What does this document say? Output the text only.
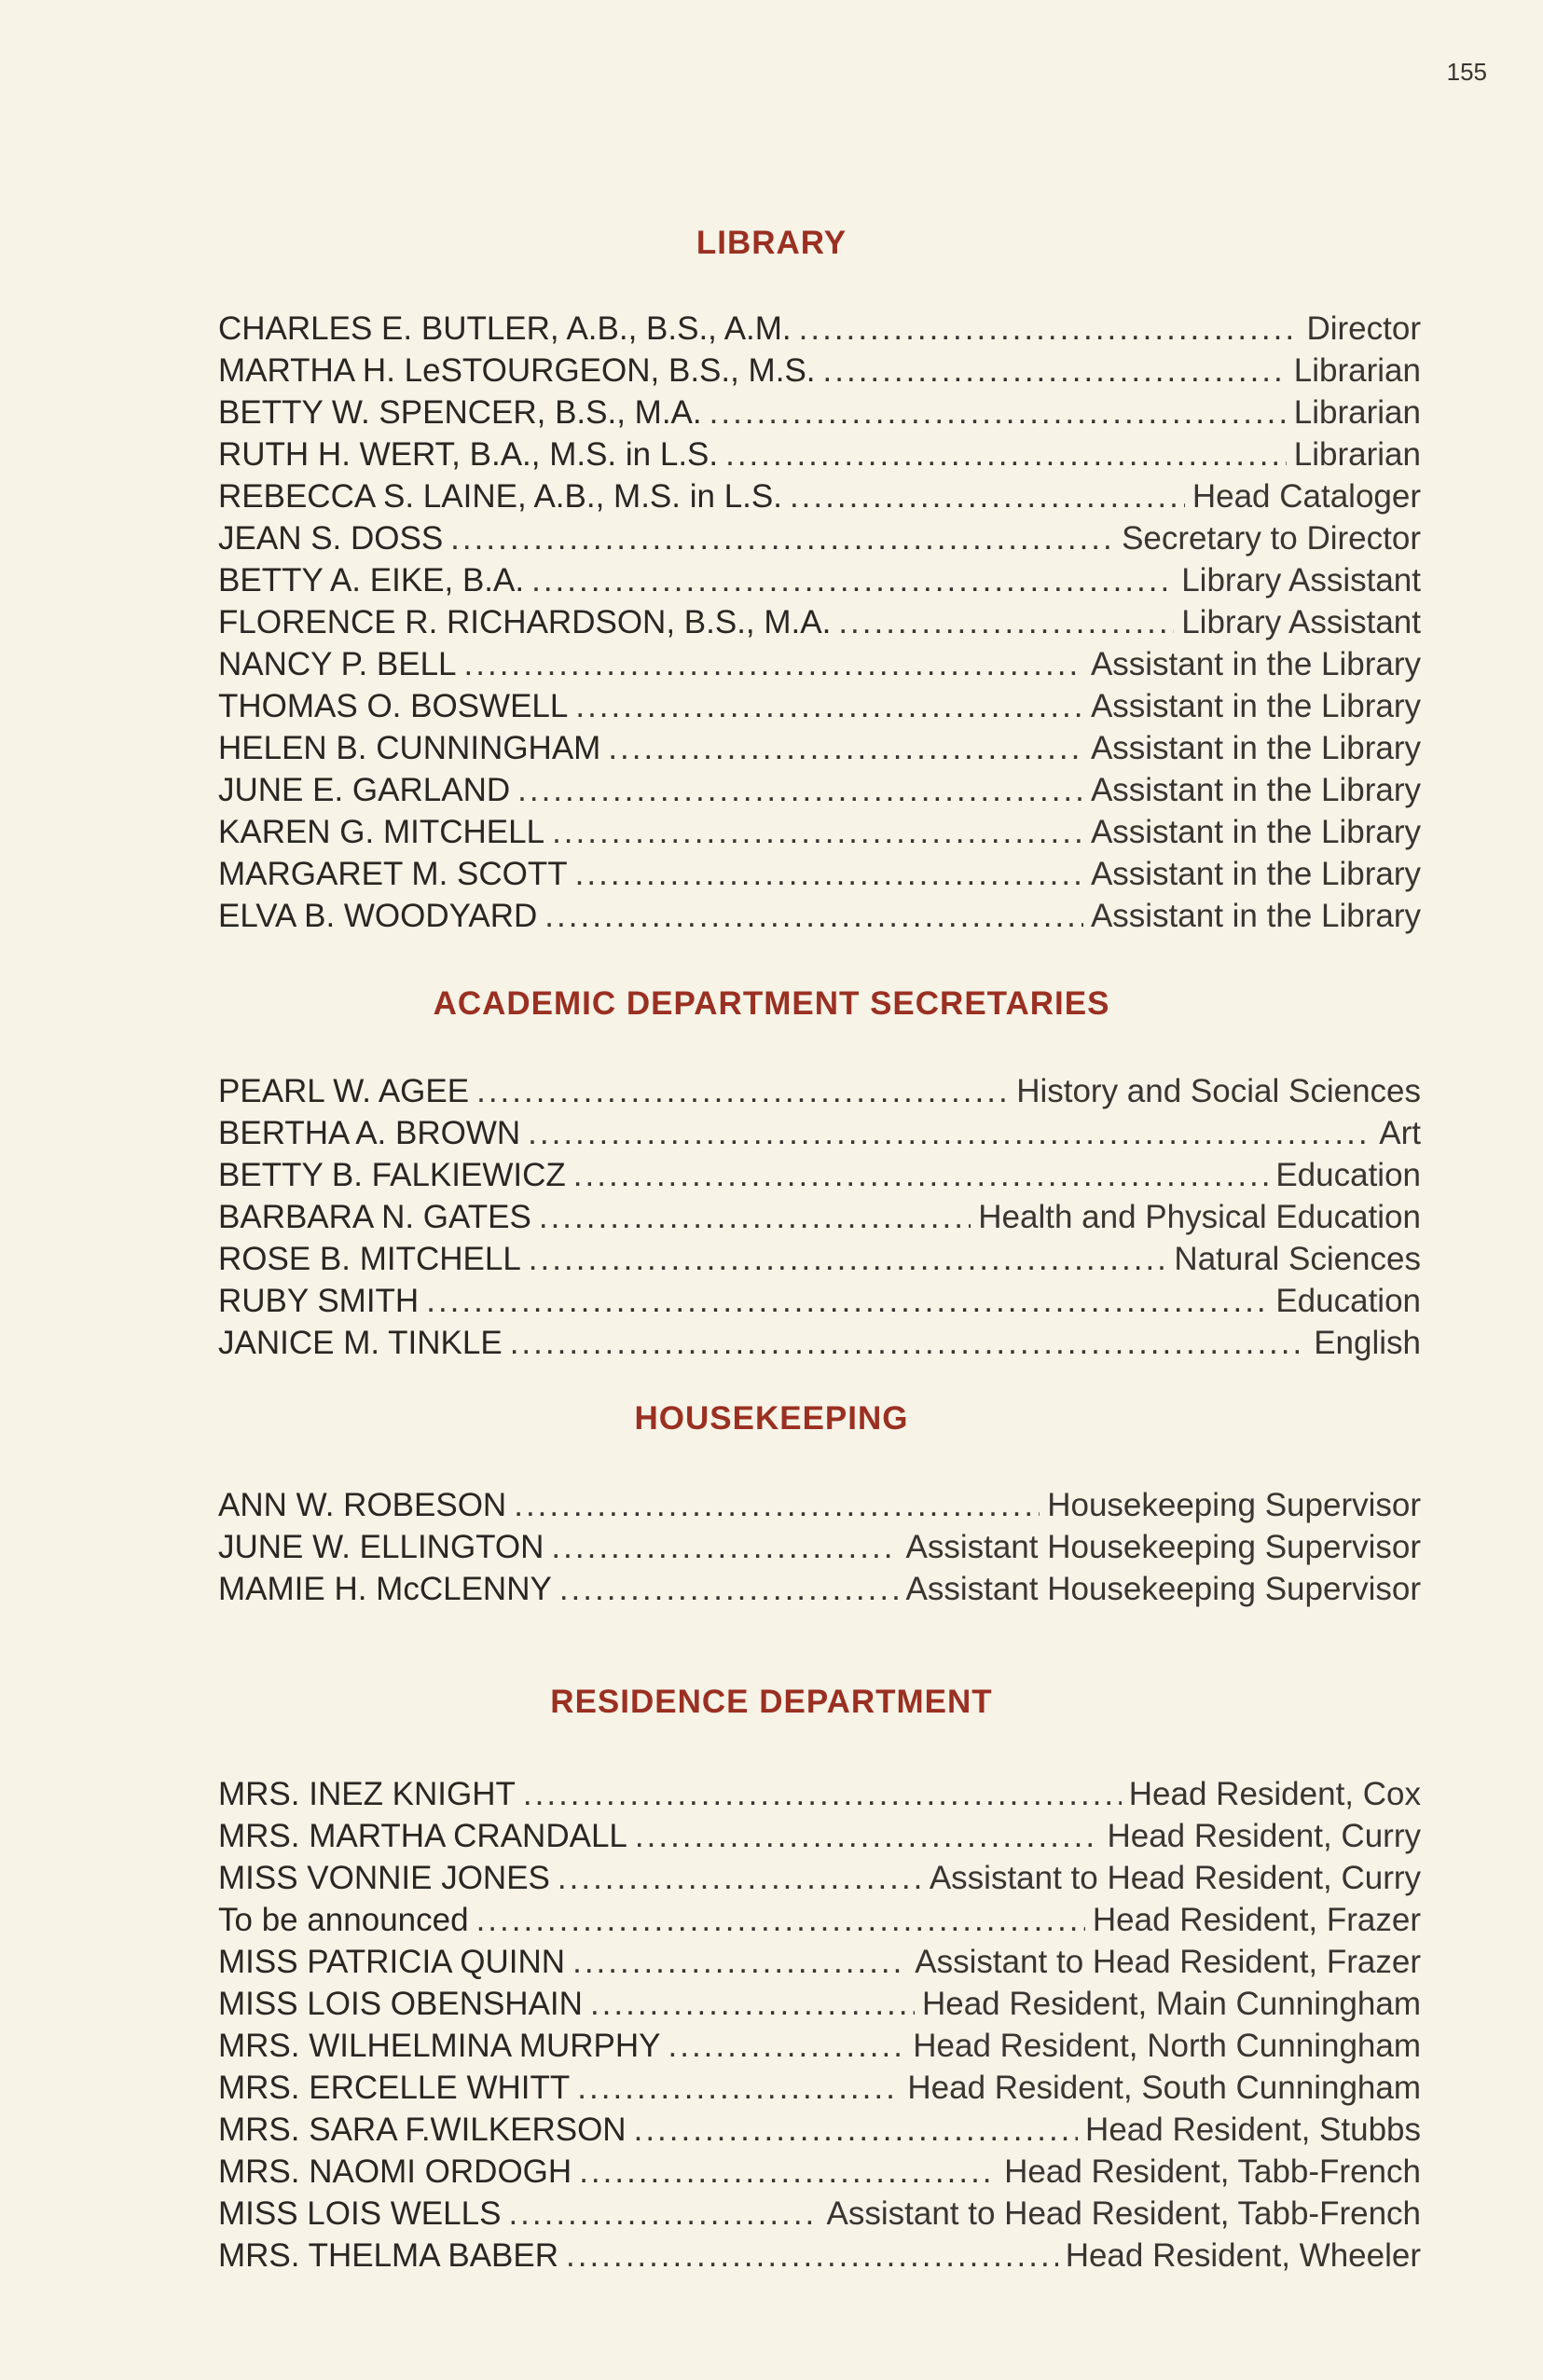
155
LIBRARY
CHARLES E. BUTLER, A.B., B.S., A.M. .....	Director
MARTHA H. LeSTOURGEON, B.S., M.S. .....	Librarian
BETTY W. SPENCER, B.S., M.A. .....	Librarian
RUTH H. WERT, B.A., M.S. in L.S. .....	Librarian
REBECCA S. LAINE, A.B., M.S. in L.S. .....	Head Cataloger
JEAN S. DOSS .....	Secretary to Director
BETTY A. EIKE, B.A. .....	Library Assistant
FLORENCE R. RICHARDSON, B.S., M.A. .....	Library Assistant
NANCY P. BELL .....	Assistant in the Library
THOMAS O. BOSWELL .....	Assistant in the Library
HELEN B. CUNNINGHAM .....	Assistant in the Library
JUNE E. GARLAND .....	Assistant in the Library
KAREN G. MITCHELL .....	Assistant in the Library
MARGARET M. SCOTT .....	Assistant in the Library
ELVA B. WOODYARD .....	Assistant in the Library
ACADEMIC DEPARTMENT SECRETARIES
PEARL W. AGEE .....	History and Social Sciences
BERTHA A. BROWN .....	Art
BETTY B. FALKIEWICZ .....	Education
BARBARA N. GATES .....	Health and Physical Education
ROSE B. MITCHELL .....	Natural Sciences
RUBY SMITH .....	Education
JANICE M. TINKLE .....	English
HOUSEKEEPING
ANN W. ROBESON .....	Housekeeping Supervisor
JUNE W. ELLINGTON .....	Assistant Housekeeping Supervisor
MAMIE H. McCLENNY .....	Assistant Housekeeping Supervisor
RESIDENCE DEPARTMENT
MRS. INEZ KNIGHT .....	Head Resident, Cox
MRS. MARTHA CRANDALL .....	Head Resident, Curry
MISS VONNIE JONES .....	Assistant to Head Resident, Curry
To be announced .....	Head Resident, Frazer
MISS PATRICIA QUINN .....	Assistant to Head Resident, Frazer
MISS LOIS OBENSHAIN .....	Head Resident, Main Cunningham
MRS. WILHELMINA MURPHY .....	Head Resident, North Cunningham
MRS. ERCELLE WHITT .....	Head Resident, South Cunningham
MRS. SARA F.WILKERSON .....	Head Resident, Stubbs
MRS. NAOMI ORDOGH .....	Head Resident, Tabb-French
MISS LOIS WELLS .....	Assistant to Head Resident, Tabb-French
MRS. THELMA BABER .....	Head Resident, Wheeler
